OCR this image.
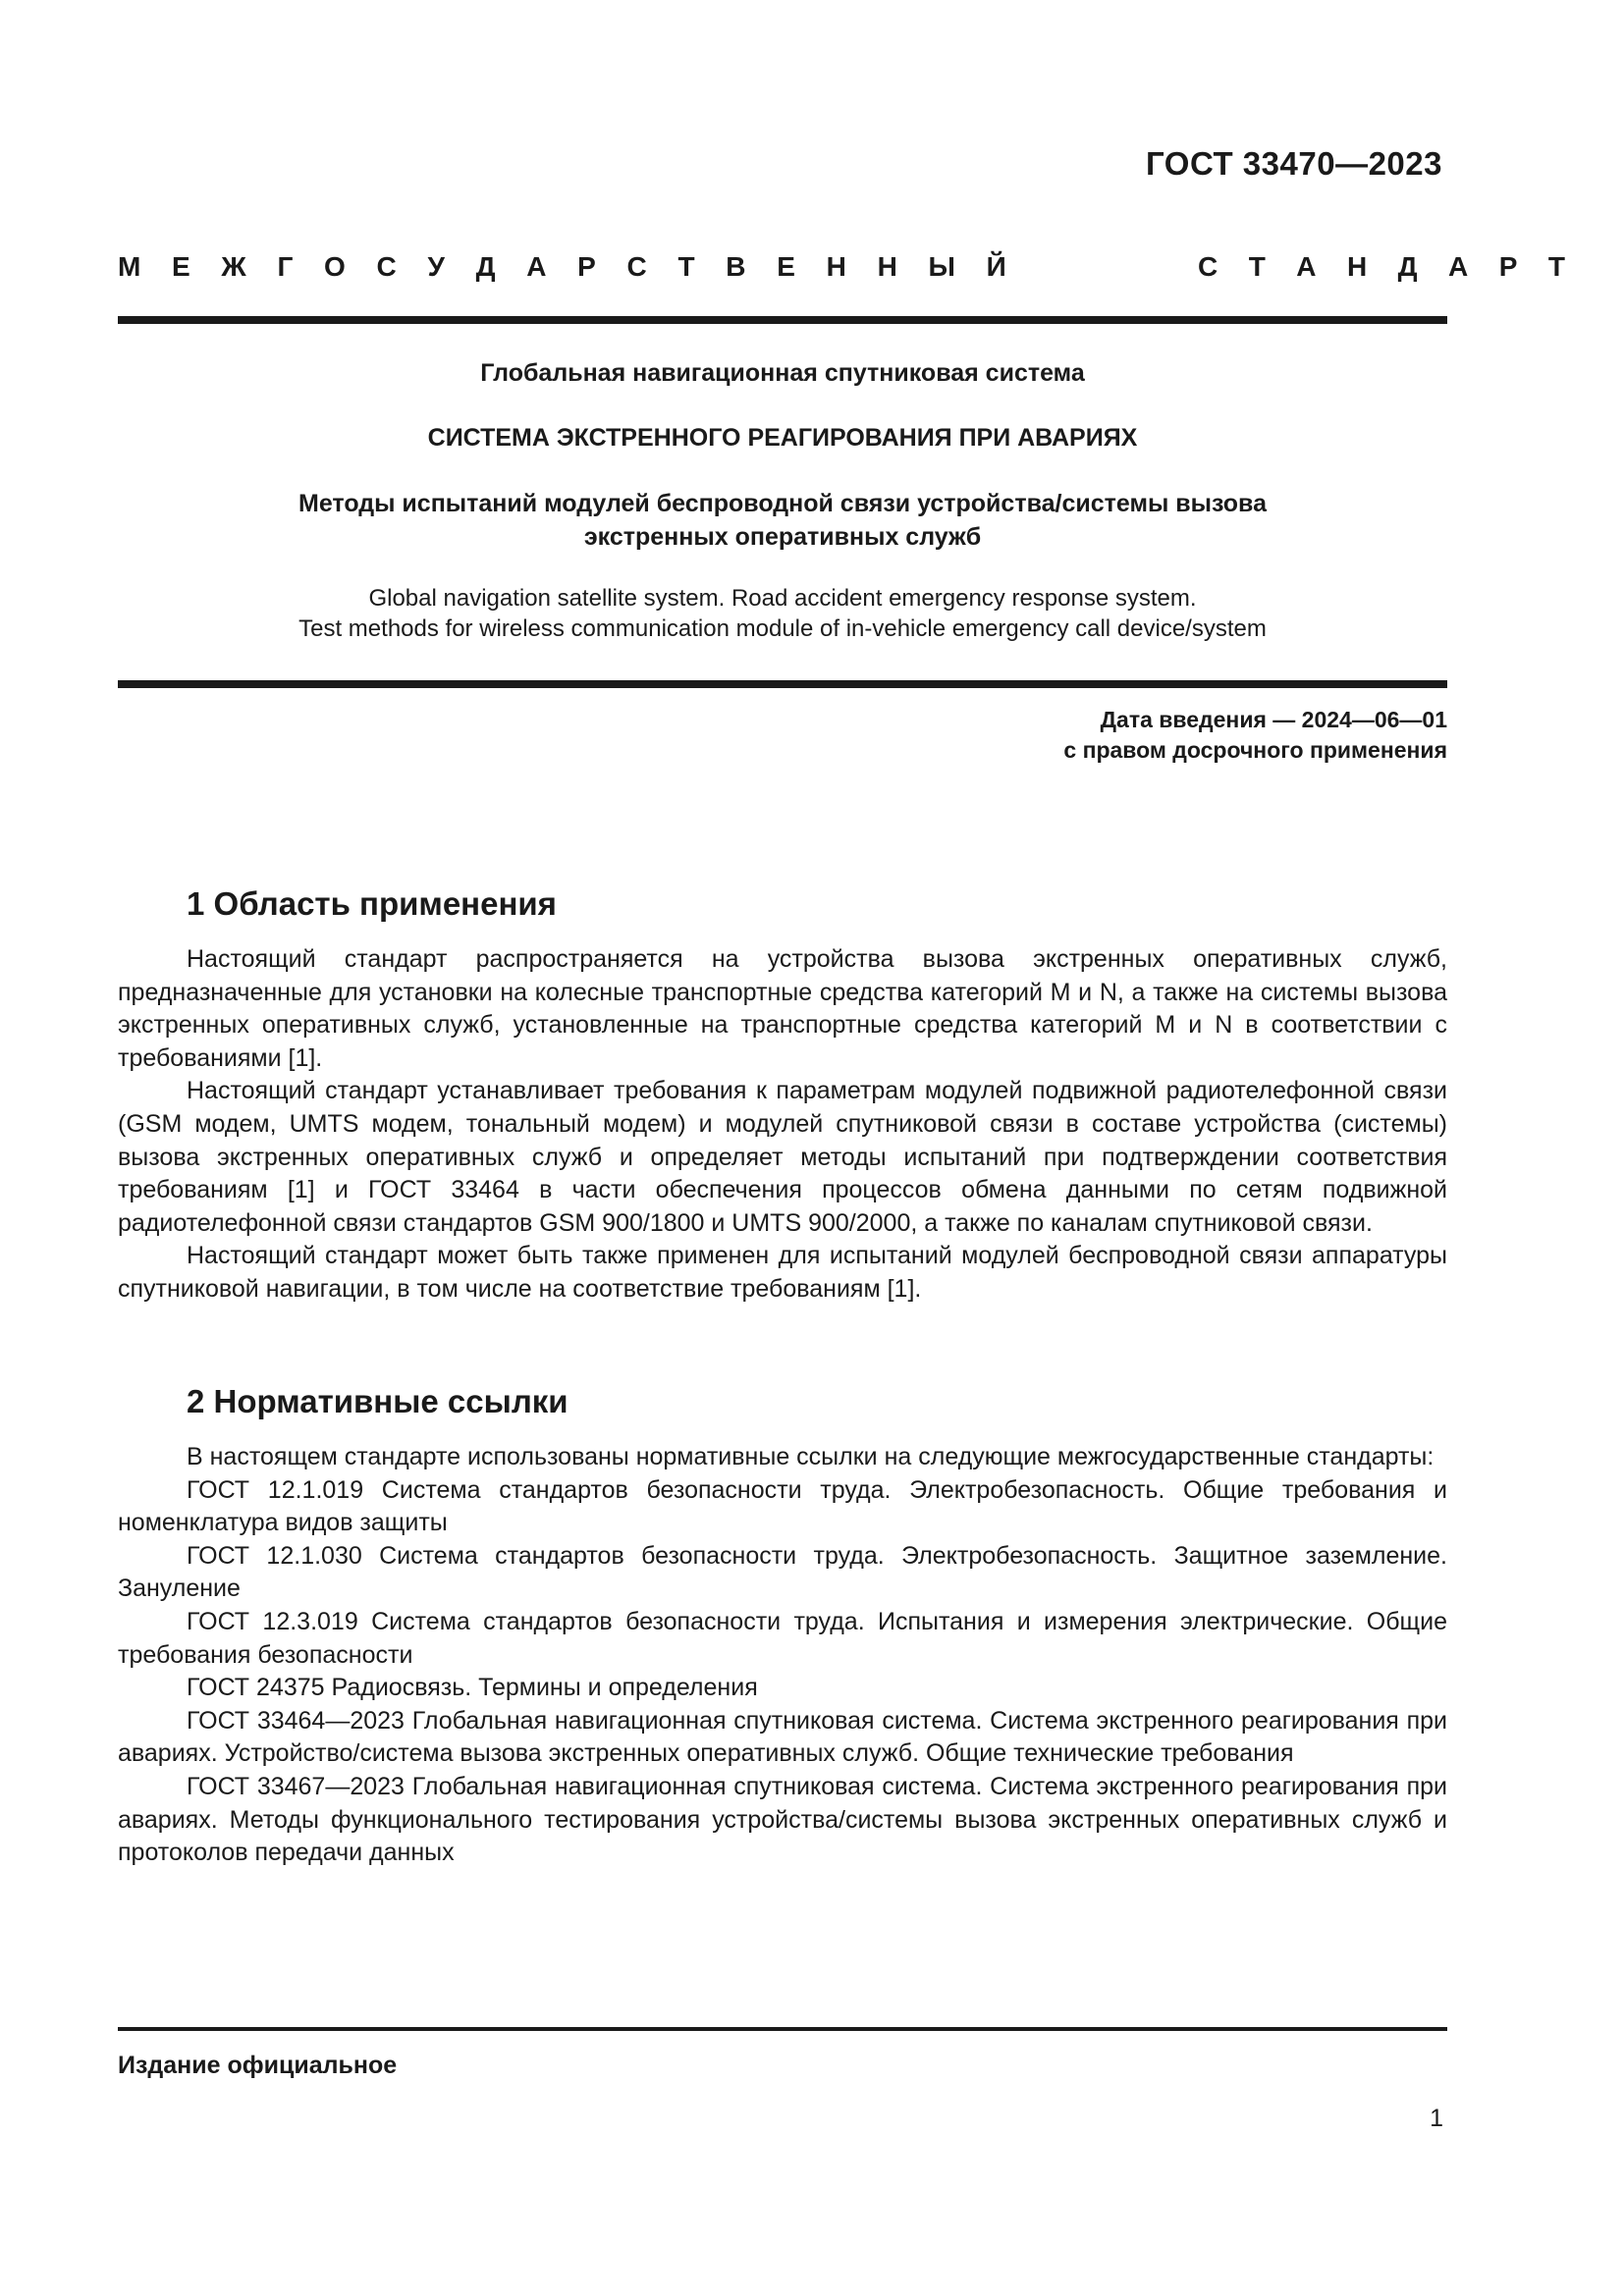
ГОСТ 33470—2023
М Е Ж Г О С У Д А Р С Т В Е Н Н Ы Й	С Т А Н Д А Р Т

Глобальная навигационная спутниковая система

СИСТЕМА ЭКСТРЕННОГО РЕАГИРОВАНИЯ ПРИ АВАРИЯХ

Методы испытаний модулей беспроводной связи устройства/системы вызова
экстренных оперативных служб
Global navigation satellite system. Road accident emergency response system.
Test methods for wireless communication module of in-vehicle emergency call device/system
Дата введения — 2024—06—01
с правом досрочного применения
1 Область применения

Настоящий стандарт распространяется на устройства вызова экстренных оперативных служб, предназначенные для установки на колесные транспортные средства категорий М и N, а также на системы вызова экстренных оперативных служб, установленные на транспортные средства категорий М и N в соответствии с требованиями [1].

Настоящий стандарт устанавливает требования к параметрам модулей подвижной радиотелефонной связи (GSM модем, UMTS модем, тональный модем) и модулей спутниковой связи в составе устройства (системы) вызова экстренных оперативных служб и определяет методы испытаний при подтверждении соответствия требованиям [1] и ГОСТ 33464 в части обеспечения процессов обмена данными по сетям подвижной радиотелефонной связи стандартов GSM 900/1800 и UMTS 900/2000, а также по каналам спутниковой связи.

Настоящий стандарт может быть также применен для испытаний модулей беспроводной связи аппаратуры спутниковой навигации, в том числе на соответствие требованиям [1].

2 Нормативные ссылки

В настоящем стандарте использованы нормативные ссылки на следующие межгосударственные стандарты:

ГОСТ 12.1.019 Система стандартов безопасности труда. Электробезопасность. Общие требования и номенклатура видов защиты

ГОСТ 12.1.030 Система стандартов безопасности труда. Электробезопасность. Защитное заземление. Зануление

ГОСТ 12.3.019 Система стандартов безопасности труда. Испытания и измерения электрические. Общие требования безопасности

ГОСТ 24375 Радиосвязь. Термины и определения

ГОСТ 33464—2023 Глобальная навигационная спутниковая система. Система экстренного реагирования при авариях. Устройство/система вызова экстренных оперативных служб. Общие технические требования

ГОСТ 33467—2023 Глобальная навигационная спутниковая система. Система экстренного реагирования при авариях. Методы функционального тестирования устройства/системы вызова экстренных оперативных служб и протоколов передачи данных

Издание официальное
1
